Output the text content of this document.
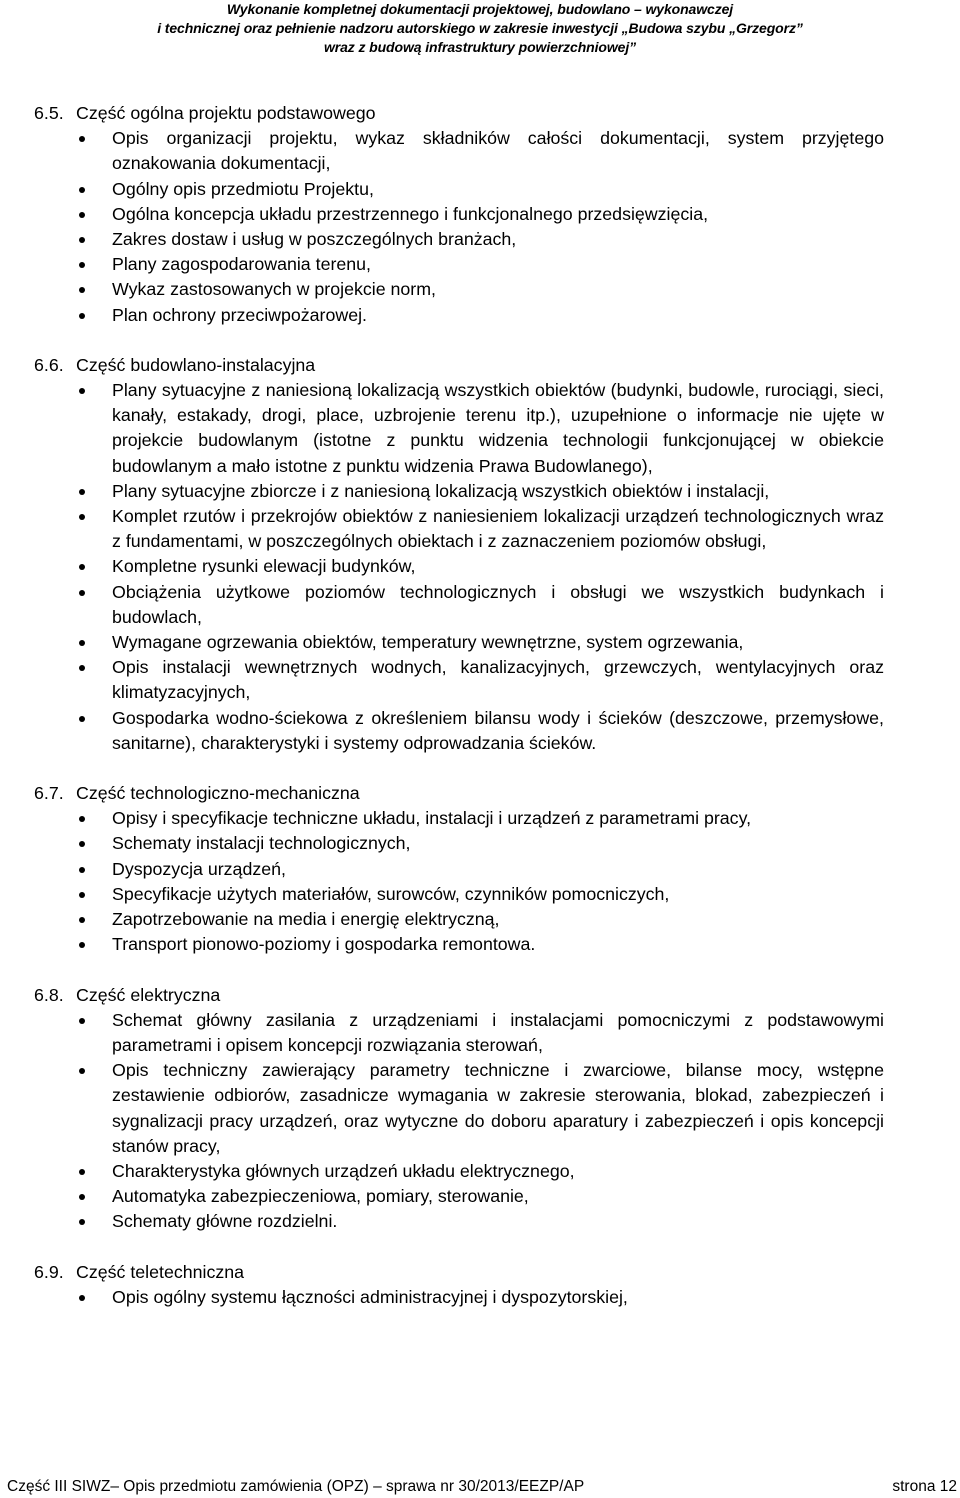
Wykonanie kompletnej dokumentacji projektowej, budowlano – wykonawczej
i technicznej oraz pełnienie nadzoru autorskiego w zakresie inwestycji „Budowa szybu „Grzegorz”
wraz z budową infrastruktury powierzchniowej”
6.5. Część ogólna projektu podstawowego
Opis organizacji projektu, wykaz składników całości dokumentacji, system przyjętego oznakowania dokumentacji,
Ogólny opis przedmiotu Projektu,
Ogólna koncepcja układu przestrzennego i funkcjonalnego przedsięwzięcia,
Zakres dostaw i usług w poszczególnych branżach,
Plany zagospodarowania terenu,
Wykaz zastosowanych w projekcie norm,
Plan ochrony przeciwpożarowej.
6.6. Część budowlano-instalacyjna
Plany sytuacyjne z naniesioną lokalizacją wszystkich obiektów (budynki, budowle, rurociągi, sieci, kanały, estakady, drogi, place, uzbrojenie terenu itp.), uzupełnione o informacje nie ujęte w projekcie budowlanym (istotne z punktu widzenia technologii funkcjonującej w obiekcie budowlanym a mało istotne z punktu widzenia Prawa Budowlanego),
Plany sytuacyjne zbiorcze i z naniesioną lokalizacją wszystkich obiektów i instalacji,
Komplet rzutów i przekrojów obiektów z naniesieniem lokalizacji urządzeń technologicznych wraz z fundamentami, w poszczególnych obiektach i z zaznaczeniem poziomów obsługi,
Kompletne rysunki elewacji budynków,
Obciążenia użytkowe poziomów technologicznych i obsługi we wszystkich budynkach i budowlach,
Wymagane ogrzewania obiektów, temperatury wewnętrzne, system ogrzewania,
Opis instalacji wewnętrznych wodnych, kanalizacyjnych, grzewczych, wentylacyjnych oraz klimatyzacyjnych,
Gospodarka wodno-ściekowa z określeniem bilansu wody i ścieków (deszczowe, przemysłowe, sanitarne), charakterystyki i systemy odprowadzania ścieków.
6.7. Część technologiczno-mechaniczna
Opisy i specyfikacje techniczne układu, instalacji i urządzeń z parametrami pracy,
Schematy instalacji technologicznych,
Dyspozycja urządzeń,
Specyfikacje użytych materiałów, surowców, czynników pomocniczych,
Zapotrzebowanie na media i energię elektryczną,
Transport pionowo-poziomy i gospodarka remontowa.
6.8. Część elektryczna
Schemat główny zasilania z urządzeniami i instalacjami pomocniczymi z podstawowymi parametrami i opisem koncepcji rozwiązania sterowań,
Opis techniczny zawierający parametry techniczne i zwarciowe, bilanse mocy, wstępne zestawienie odbiorów, zasadnicze wymagania w zakresie sterowania, blokad, zabezpieczeń i sygnalizacji pracy urządzeń, oraz wytyczne do doboru aparatury i zabezpieczeń i opis koncepcji stanów pracy,
Charakterystyka głównych urządzeń układu elektrycznego,
Automatyka zabezpieczeniowa, pomiary, sterowanie,
Schematy główne rozdzielni.
6.9. Część teletechniczna
Opis ogólny systemu łączności administracyjnej i dyspozytorskiej,
Część III SIWZ– Opis przedmiotu zamówienia (OPZ) – sprawa nr 30/2013/EEZP/AP	strona 12
